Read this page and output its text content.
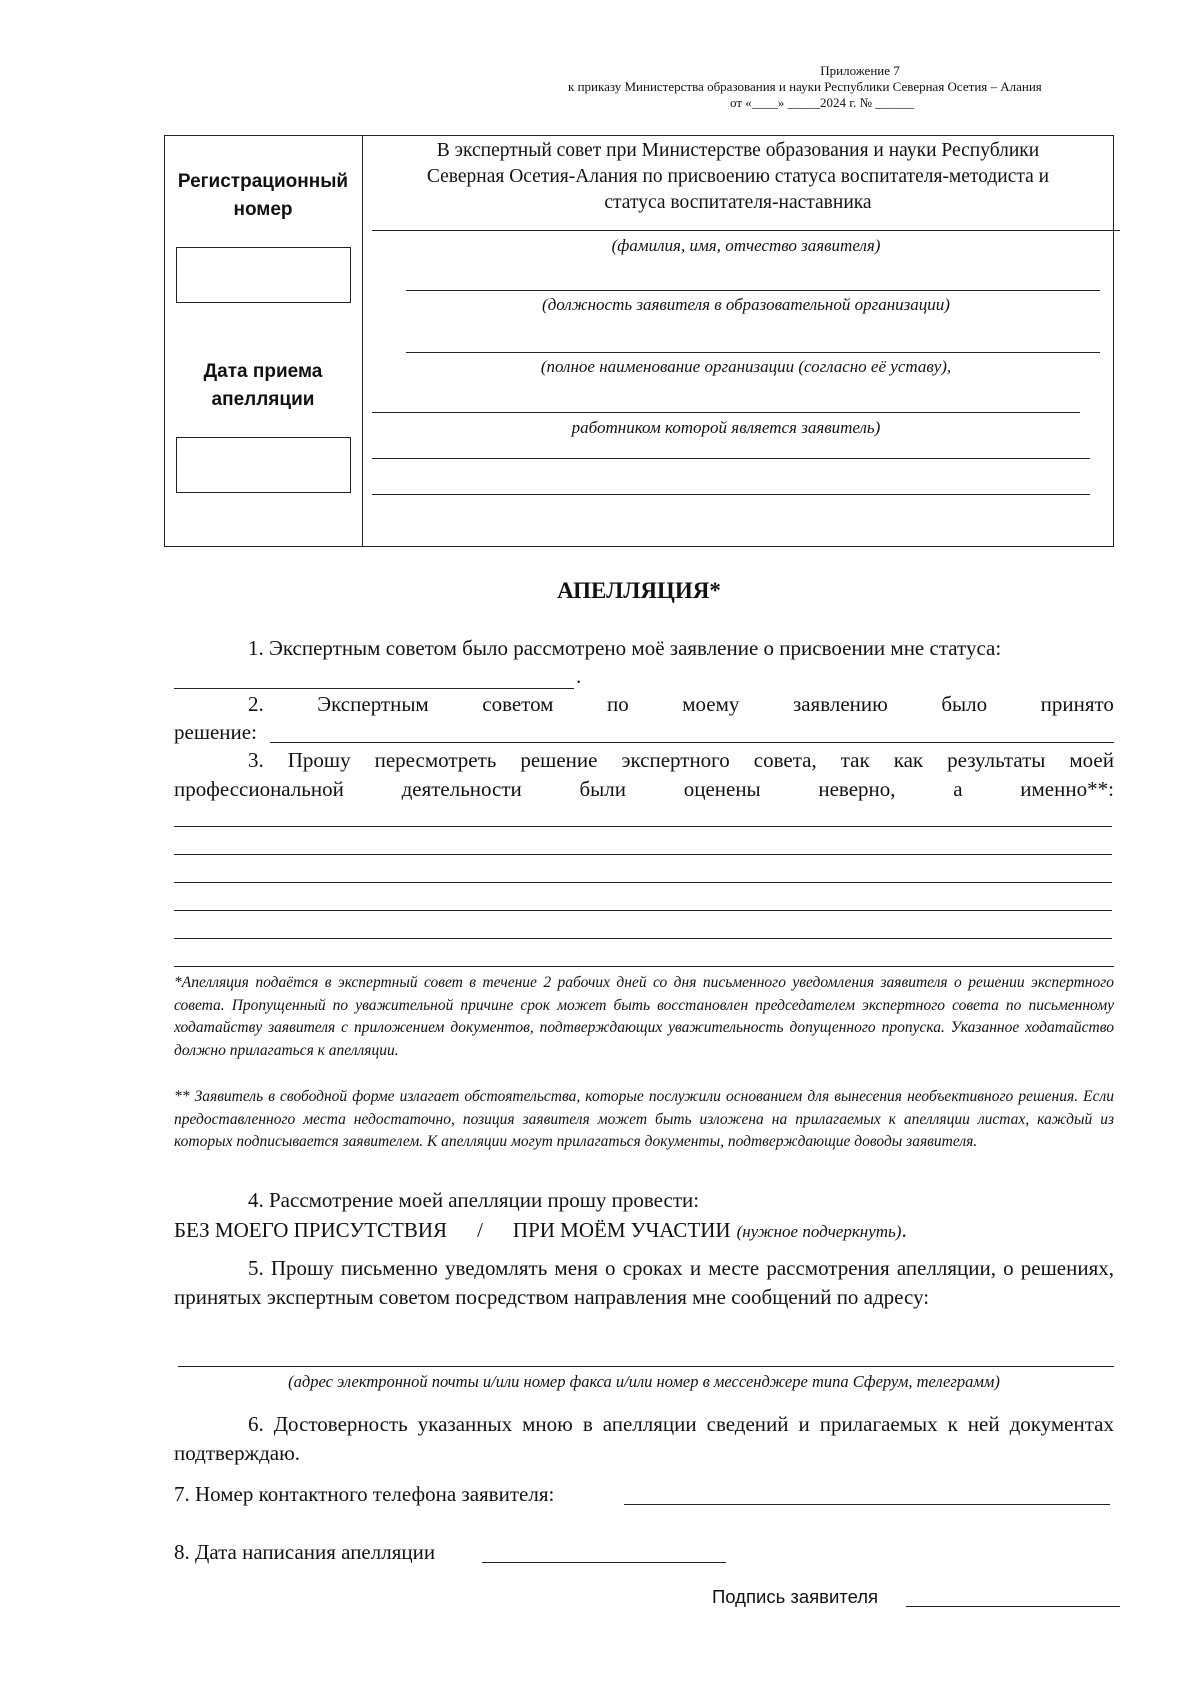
Приложение 7
к приказу Министерства образования и науки Республики Северная Осетия – Алания
от «____» _____2024 г. № ______
Регистрационный
номер
Дата приема
апелляции
В экспертный совет при Министерстве образования и науки Республики
Северная Осетия-Алания по присвоению статуса воспитателя-методиста и
статуса воспитателя-наставника
(фамилия, имя, отчество заявителя)
(должность заявителя в образовательной организации)
(полное наименование организации (согласно её уставу),
работником которой является заявитель)
АПЕЛЛЯЦИЯ*
1. Экспертным советом было рассмотрено моё заявление о присвоении мне статуса:
.
2.	Экспертным	советом	по	моему	заявлению	было	принято
решение:
3. Прошу пересмотреть решение экспертного совета, так как результаты моей
профессиональной	деятельности	были	оценены	неверно,	а	именно**:
*Апелляция подаётся в экспертный совет в течение 2 рабочих дней со дня письменного уведомления заявителя о решении экспертного совета. Пропущенный по уважительной причине срок может быть восстановлен председателем экспертного совета по письменному ходатайству заявителя с приложением документов, подтверждающих уважительность допущенного пропуска. Указанное ходатайство должно прилагаться к апелляции.
** Заявитель в свободной форме излагает обстоятельства, которые послужили основанием для вынесения необъективного решения. Если предоставленного места недостаточно, позиция заявителя может быть изложена на прилагаемых к апелляции листах, каждый из которых подписывается заявителем. К апелляции могут прилагаться документы, подтверждающие доводы заявителя.
4. Рассмотрение моей апелляции прошу провести:
БЕЗ МОЕГО ПРИСУТСТВИЯ / ПРИ МОЁМ УЧАСТИИ (нужное подчеркнуть).
5. Прошу письменно уведомлять меня о сроках и месте рассмотрения апелляции, о решениях, принятых экспертным советом посредством направления мне сообщений по адресу:
(адрес электронной почты и/или номер факса и/или номер в мессенджере типа Сферум, телеграмм)
6. Достоверность указанных мною в апелляции сведений и прилагаемых к ней документах подтверждаю.
7. Номер контактного телефона заявителя:
8. Дата написания апелляции
Подпись заявителя
